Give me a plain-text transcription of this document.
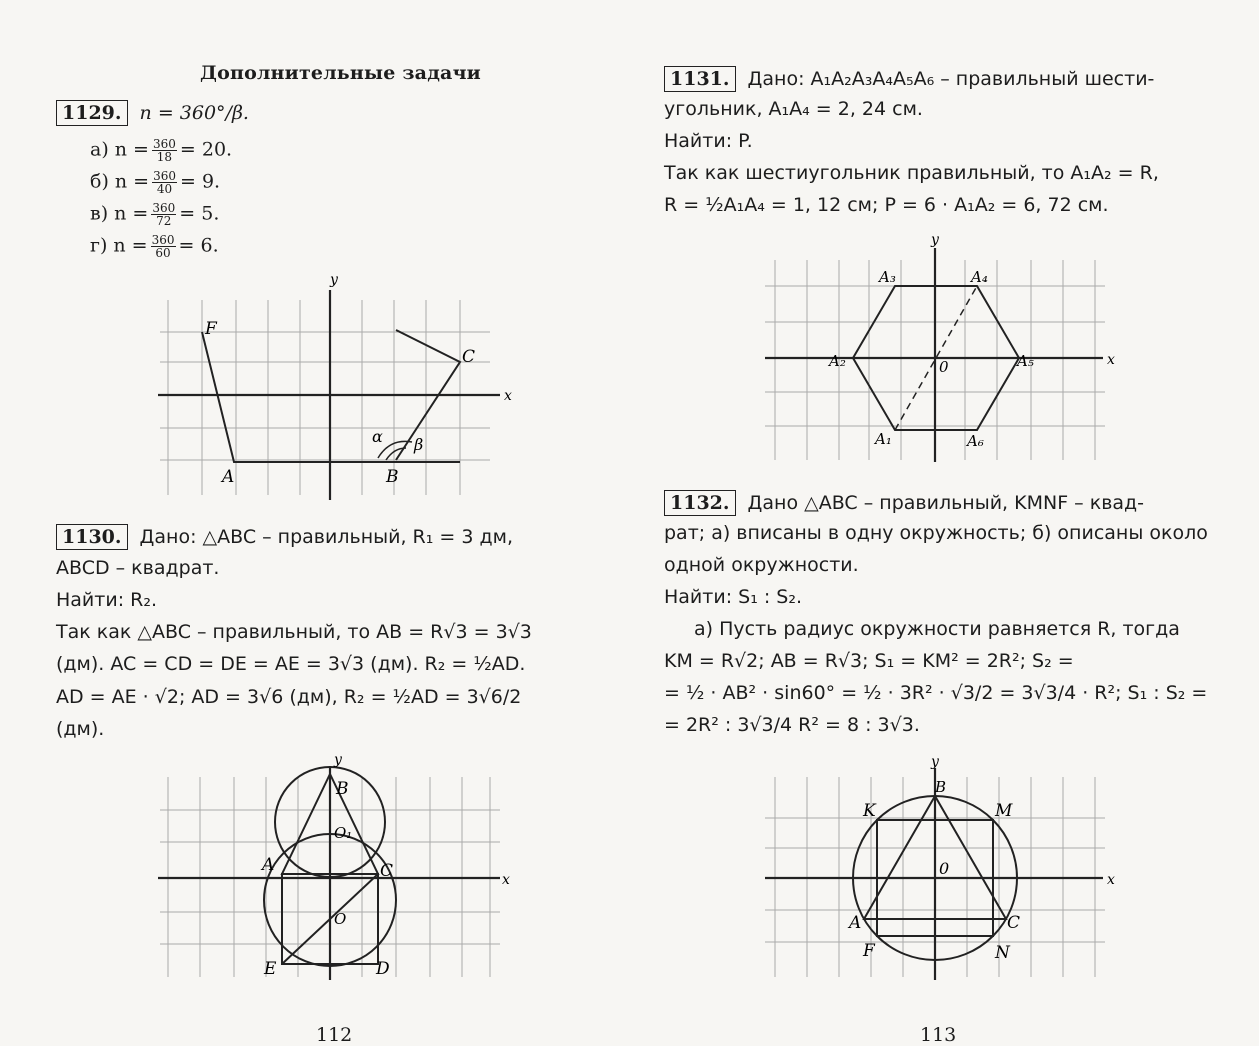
Дополнительные задачи
1129. n = 360°/β.
а) $n = \frac{360}{18} = 20$.
б) $n = \frac{360}{40} = 9$.
в) $n = \frac{360}{72} = 5$.
г) $n = \frac{360}{60} = 6$.
y
x
F
C
A	B
α β
1130. Дано: △ABC – правильный, R₁ = 3 дм,
ABCD – квадрат.
Найти: R₂.
Так как △ABC – правильный, то AB = R√3 = 3√3
(дм). AC = CD = DE = AE = 3√3 (дм). R₂ = ½AD.
AD = AE · √2; AD = 3√6 (дм), R₂ = ½AD = 3√6/2
(дм).
y
x
B
O₁
A	C
O
E	D
112
1131. Дано: A₁A₂A₃A₄A₅A₆ – правильный шести-
угольник, A₁A₄ = 2, 24 см.
Найти: P.
Так как шестиугольник правильный, то A₁A₂ = R,
R = ½A₁A₄ = 1, 12 см; P = 6 · A₁A₂ = 6, 72 см.
y
x
A₃	A₄
A₂	A₅
0
A₁	A₆
1132. Дано △ABC – правильный, KMNF – квад-
рат; а) вписаны в одну окружность; б) описаны около
одной окружности.
Найти: S₁ : S₂.
а) Пусть радиус окружности равняется R, тогда
KM = R√2; AB = R√3; S₁ = KM² = 2R²; S₂ =
= ½ · AB² · sin60° = ½ · 3R² · √3/2 = 3√3/4 · R²; S₁ : S₂ =
= 2R² : 3√3/4 R² = 8 : 3√3.
y
x
K
B
M
0
A	C
F	N
113
